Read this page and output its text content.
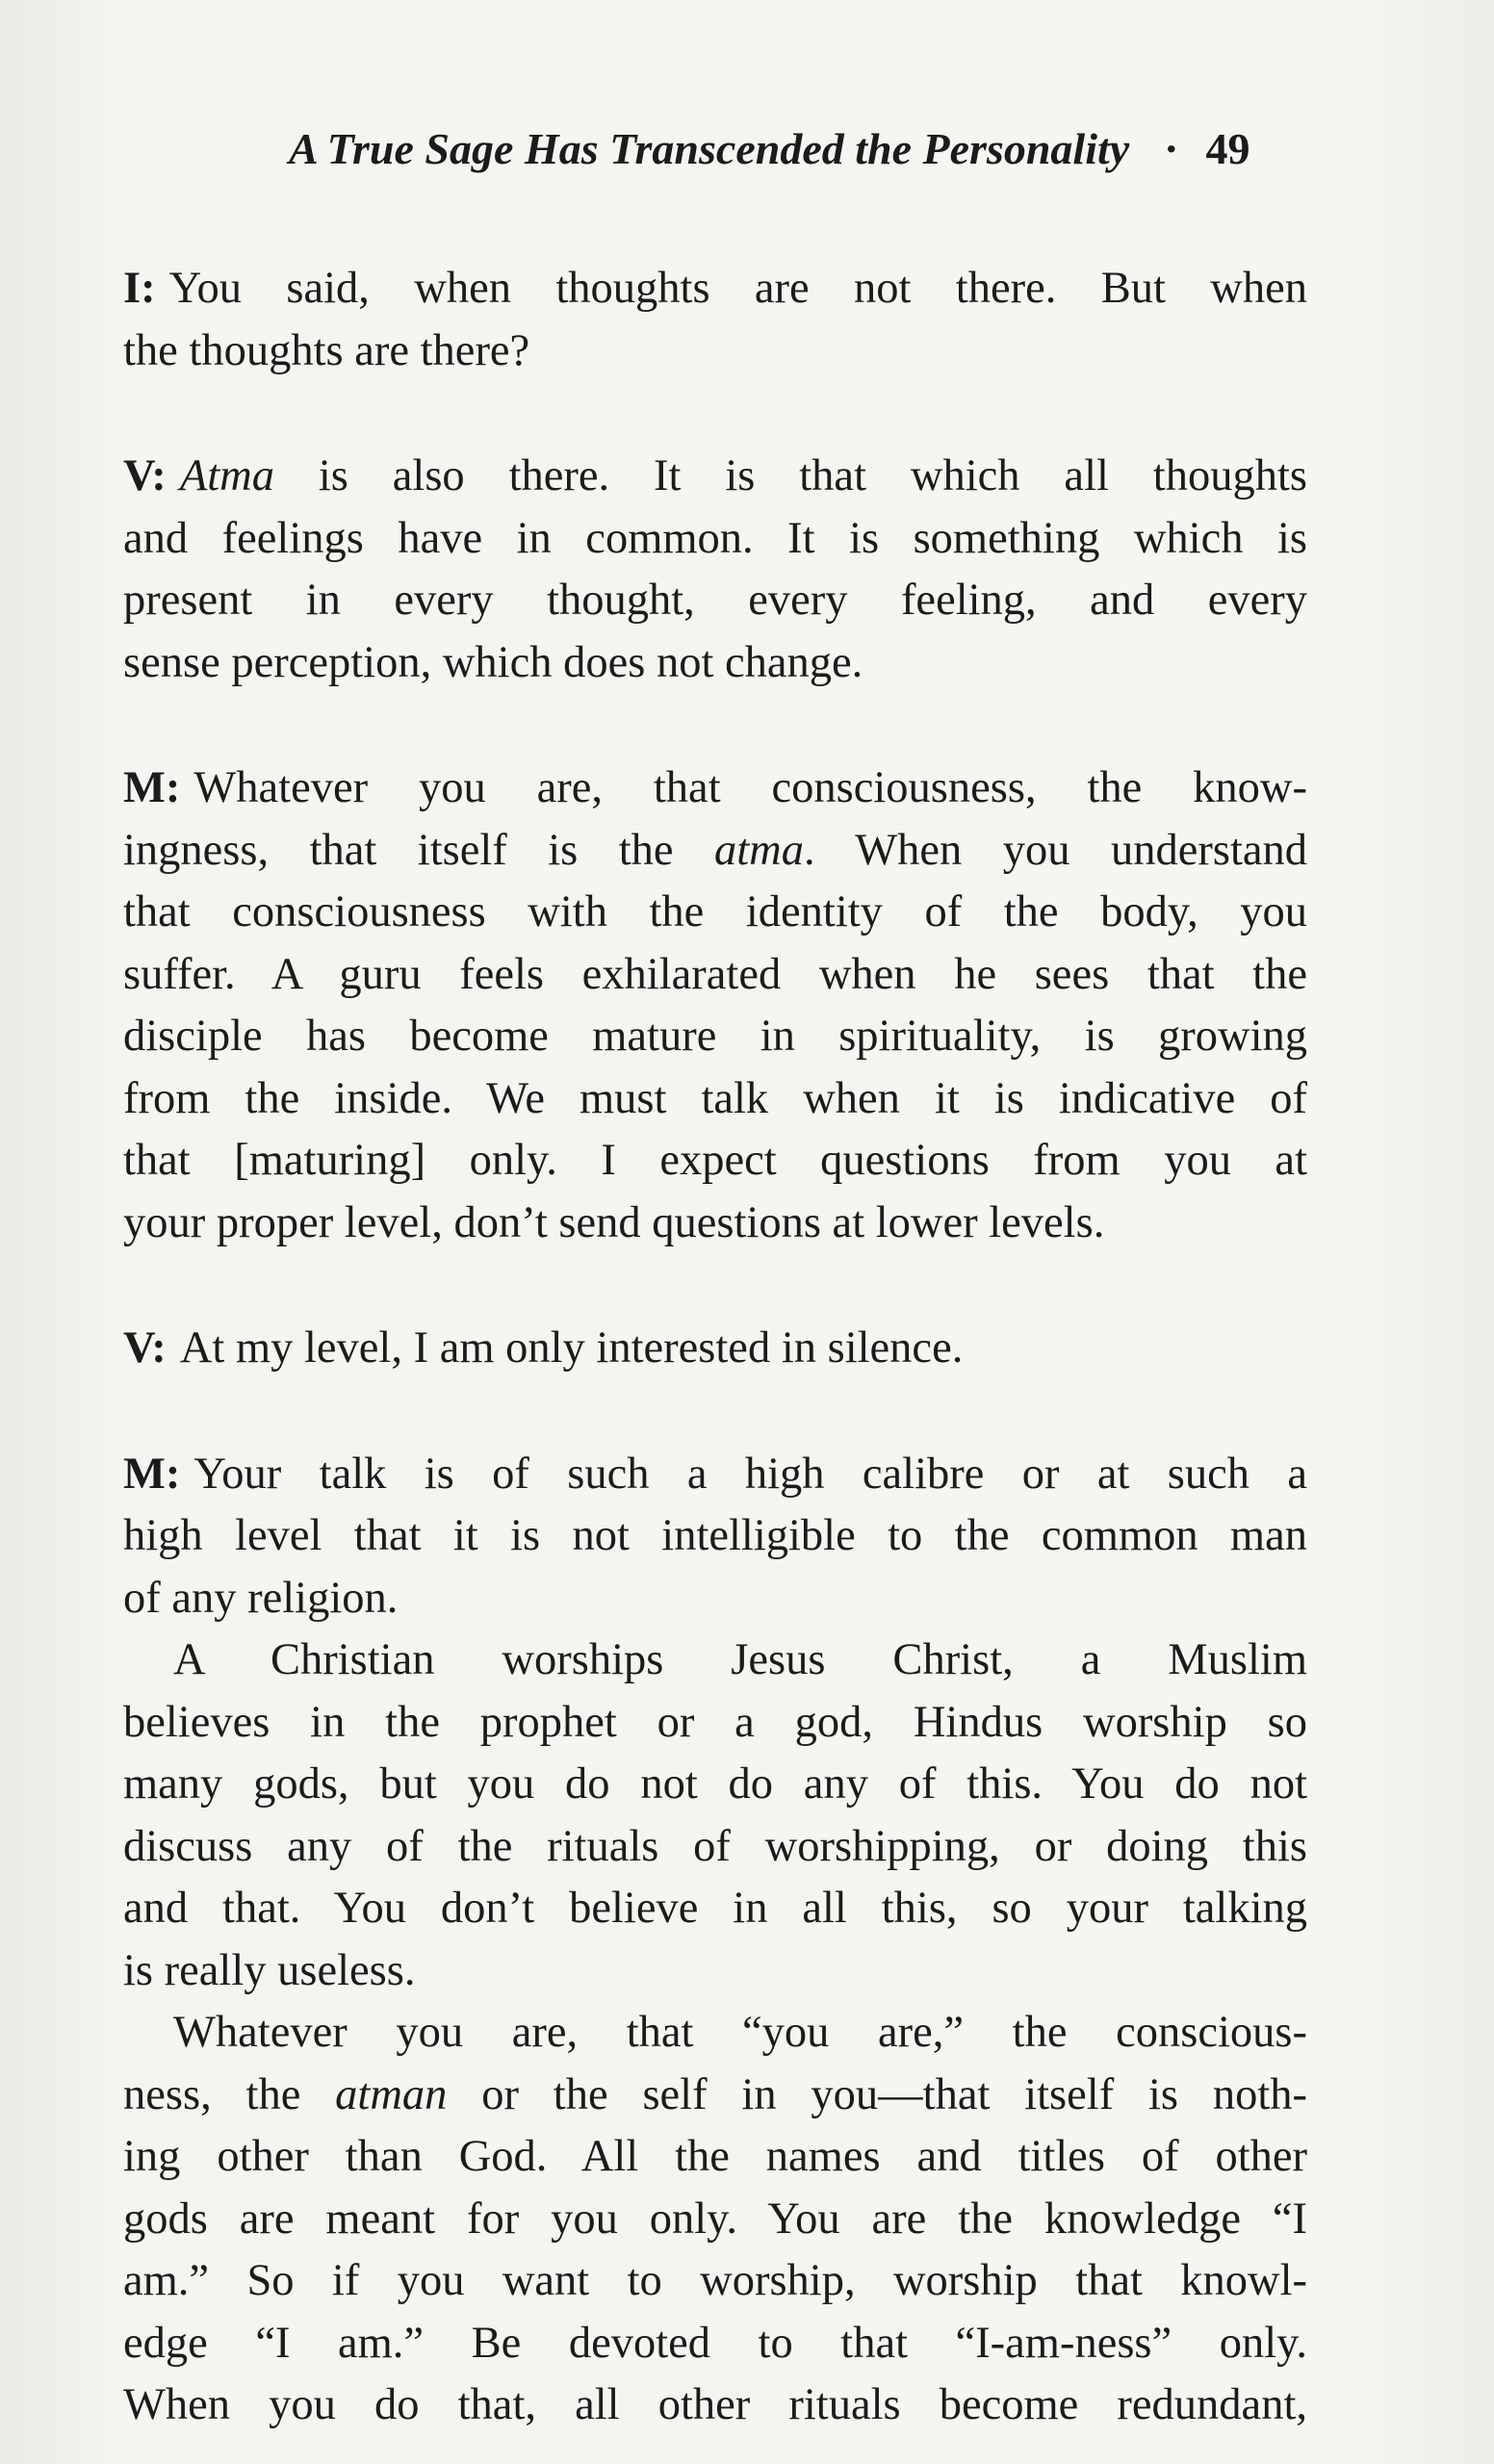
A True Sage Has Transcended the Personality · 49
I: You said, when thoughts are not there. But when
the thoughts are there?
V: Atma is also there. It is that which all thoughts
and feelings have in common. It is something which is
present in every thought, every feeling, and every
sense perception, which does not change.
M: Whatever you are, that consciousness, the know-
ingness, that itself is the atma. When you understand
that consciousness with the identity of the body, you
suffer. A guru feels exhilarated when he sees that the
disciple has become mature in spirituality, is growing
from the inside. We must talk when it is indicative of
that [maturing] only. I expect questions from you at
your proper level, don’t send questions at lower levels.
V: At my level, I am only interested in silence.
M: Your talk is of such a high calibre or at such a
high level that it is not intelligible to the common man
of any religion.
A Christian worships Jesus Christ, a Muslim
believes in the prophet or a god, Hindus worship so
many gods, but you do not do any of this. You do not
discuss any of the rituals of worshipping, or doing this
and that. You don’t believe in all this, so your talking
is really useless.
Whatever you are, that “you are,” the conscious-
ness, the atman or the self in you—that itself is noth-
ing other than God. All the names and titles of other
gods are meant for you only. You are the knowledge “I
am.” So if you want to worship, worship that knowl-
edge “I am.” Be devoted to that “I-am-ness” only.
When you do that, all other rituals become redundant,
